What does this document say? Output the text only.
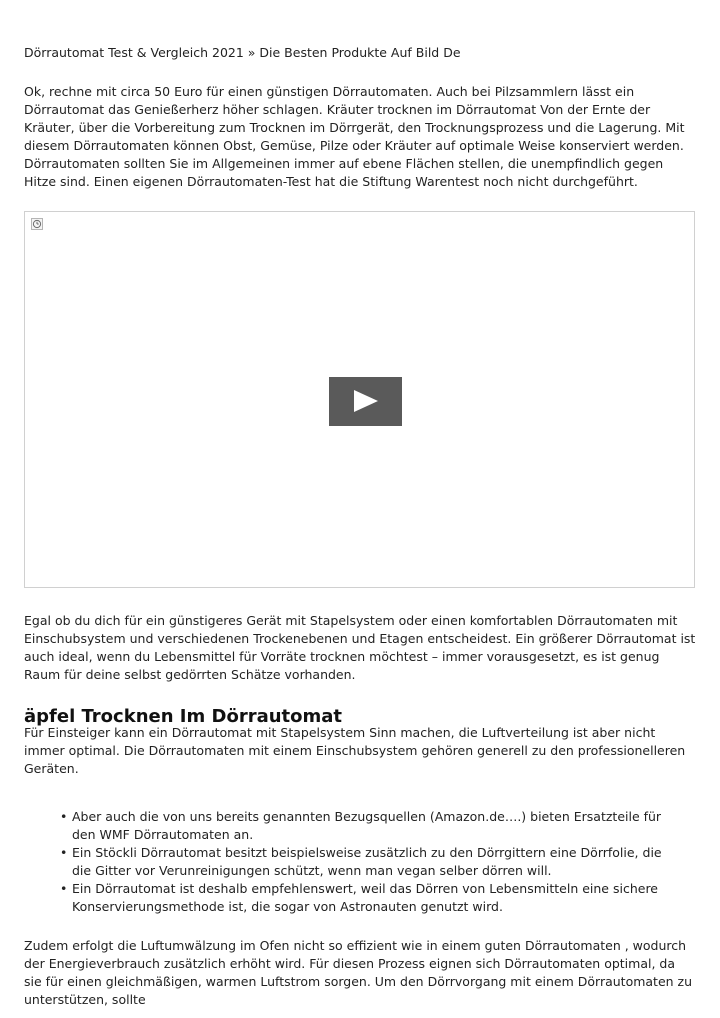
Dörrautomat Test & Vergleich 2021 » Die Besten Produkte Auf Bild De

Ok, rechne mit circa 50 Euro für einen günstigen Dörrautomaten. Auch bei Pilzsammlern lässt ein Dörrautomat das Genießerherz höher schlagen. Kräuter trocknen im Dörrautomat Von der Ernte der Kräuter, über die Vorbereitung zum Trocknen im Dörrgerät, den Trocknungsprozess und die Lagerung. Mit diesem Dörrautomaten können Obst, Gemüse, Pilze oder Kräuter auf optimale Weise konserviert werden. Dörrautomaten sollten Sie im Allgemeinen immer auf ebene Flächen stellen, die unempfindlich gegen Hitze sind. Einen eigenen Dörrautomaten-Test hat die Stiftung Warentest noch nicht durchgeführt.

Egal ob du dich für ein günstigeres Gerät mit Stapelsystem oder einen komfortablen Dörrautomaten mit Einschubsystem und verschiedenen Trockenebenen und Etagen entscheidest. Ein größerer Dörrautomat ist auch ideal, wenn du Lebensmittel für Vorräte trocknen möchtest – immer vorausgesetzt, es ist genug Raum für deine selbst gedörrten Schätze vorhanden.

äpfel Trocknen Im Dörrautomat

Für Einsteiger kann ein Dörrautomat mit Stapelsystem Sinn machen, die Luftverteilung ist aber nicht immer optimal. Die Dörrautomaten mit einem Einschubsystem gehören generell zu den professionelleren Geräten.

• Aber auch die von uns bereits genannten Bezugsquellen (Amazon.de….) bieten Ersatzteile für den WMF Dörrautomaten an.
• Ein Stöckli Dörrautomat besitzt beispielsweise zusätzlich zu den Dörrgittern eine Dörrfolie, die die Gitter vor Verunreinigungen schützt, wenn man vegan selber dörren will.
• Ein Dörrautomat ist deshalb empfehlenswert, weil das Dörren von Lebensmitteln eine sichere Konservierungsmethode ist, die sogar von Astronauten genutzt wird.

Zudem erfolgt die Luftumwälzung im Ofen nicht so effizient wie in einem guten Dörrautomaten , wodurch der Energieverbrauch zusätzlich erhöht wird. Für diesen Prozess eignen sich Dörrautomaten optimal, da sie für einen gleichmäßigen, warmen Luftstrom sorgen. Um den Dörrvorgang mit einem Dörrautomaten zu unterstützen, sollte
